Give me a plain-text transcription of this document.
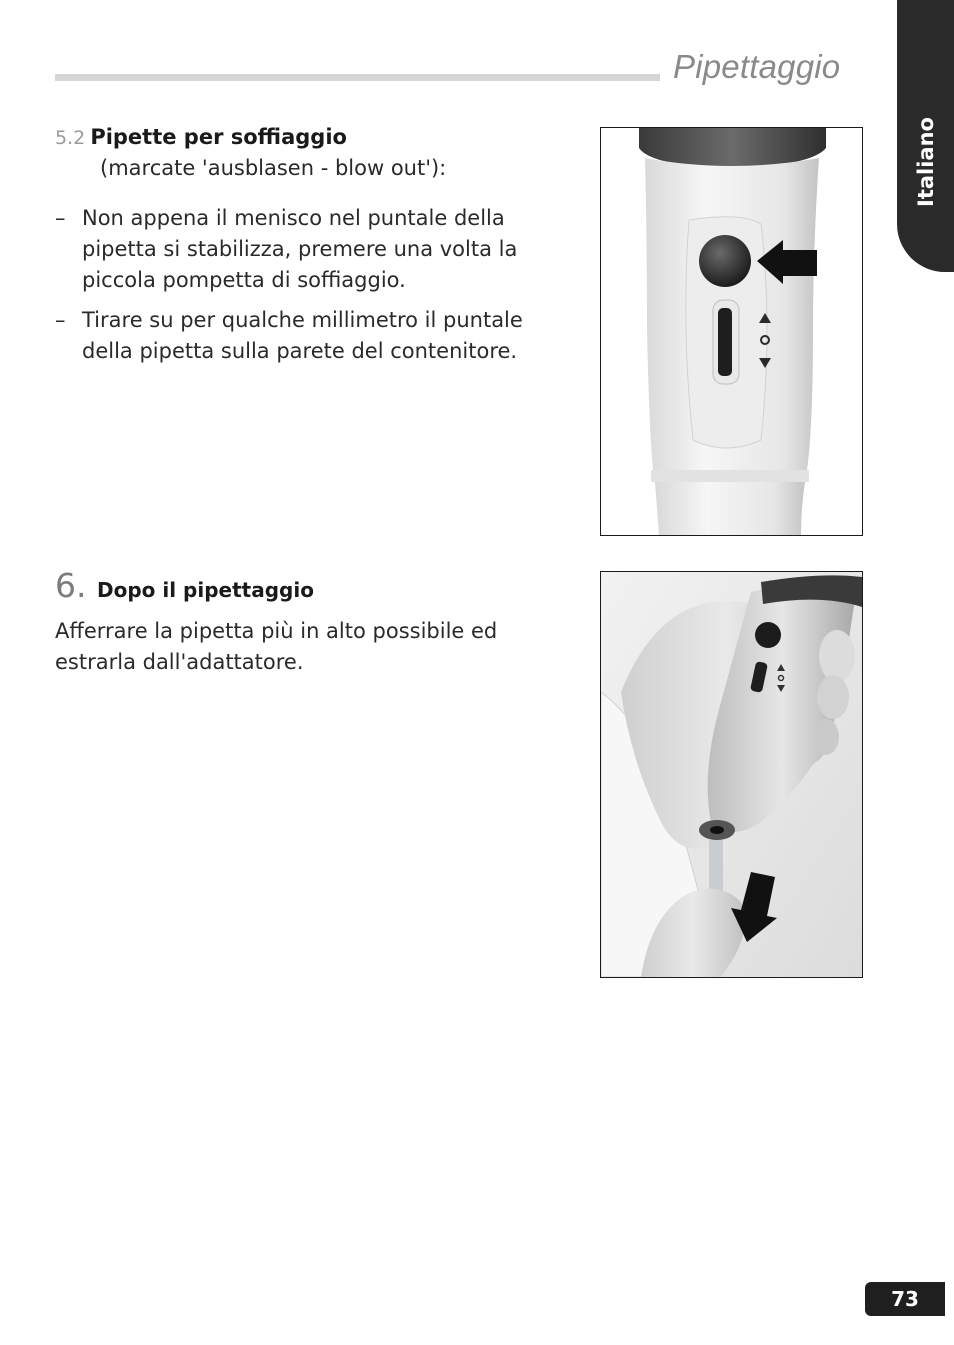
Pipettaggio
Italiano
5.2 Pipette per soffiaggio
(marcate 'ausblasen - blow out'):
– Non appena il menisco nel puntale della pipetta si stabilizza, premere una volta la piccola pompetta di soffiaggio.
– Tirare su per qualche millimetro il puntale della pipetta sulla parete del contenitore.
6. Dopo il pipettaggio
Afferrare la pipetta più in alto possibile ed estrarla dall'adattatore.
73
